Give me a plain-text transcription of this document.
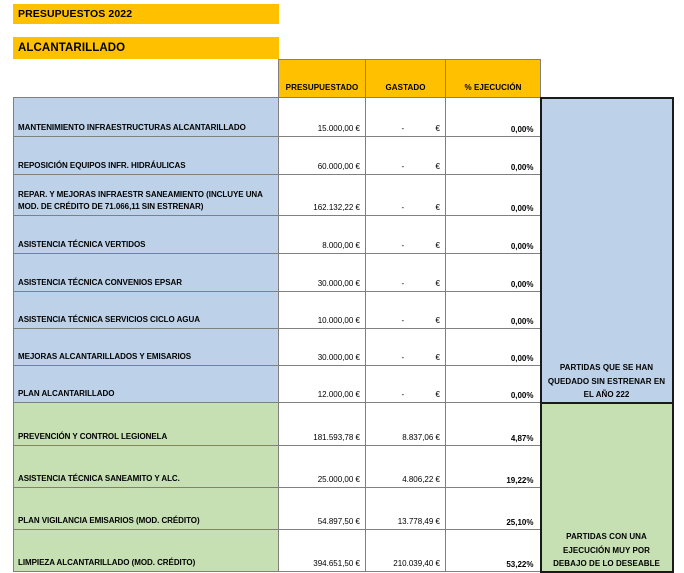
PRESUPUESTOS 2022
ALCANTARILLADO
	PRESUPUESTADO	GASTADO	% EJECUCIÓN	
MANTENIMIENTO INFRAESTRUCTURAS ALCANTARILLADO	15.000,00 €	- €	0,00%	PARTIDAS QUE SE HAN QUEDADO SIN ESTRENAR EN EL AÑO 222
REPOSICIÓN EQUIPOS INFR. HIDRÁULICAS	60.000,00 €	- €	0,00%	
REPAR. Y MEJORAS INFRAESTR SANEAMIENTO (INCLUYE UNA MOD. DE CRÉDITO DE 71.066,11 SIN ESTRENAR)	162.132,22 €	- €	0,00%	
ASISTENCIA TÉCNICA VERTIDOS	8.000,00 €	- €	0,00%	
ASISTENCIA TÉCNICA CONVENIOS EPSAR	30.000,00 €	- €	0,00%	
ASISTENCIA TÉCNICA SERVICIOS CICLO AGUA	10.000,00 €	- €	0,00%	
MEJORAS ALCANTARILLADOS Y EMISARIOS	30.000,00 €	- €	0,00%	
PLAN ALCANTARILLADO	12.000,00 €	- €	0,00%	
PREVENCIÓN Y CONTROL LEGIONELA	181.593,78 €	8.837,06 €	4,87%	PARTIDAS CON UNA EJECUCIÓN MUY POR DEBAJO DE LO DESEABLE
ASISTENCIA TÉCNICA SANEAMITO Y ALC.	25.000,00 €	4.806,22 €	19,22%	
PLAN VIGILANCIA EMISARIOS (MOD. CRÉDITO)	54.897,50 €	13.778,49 €	25,10%	
LIMPIEZA ALCANTARILLADO (MOD. CRÉDITO)	394.651,50 €	210.039,40 €	53,22%	
